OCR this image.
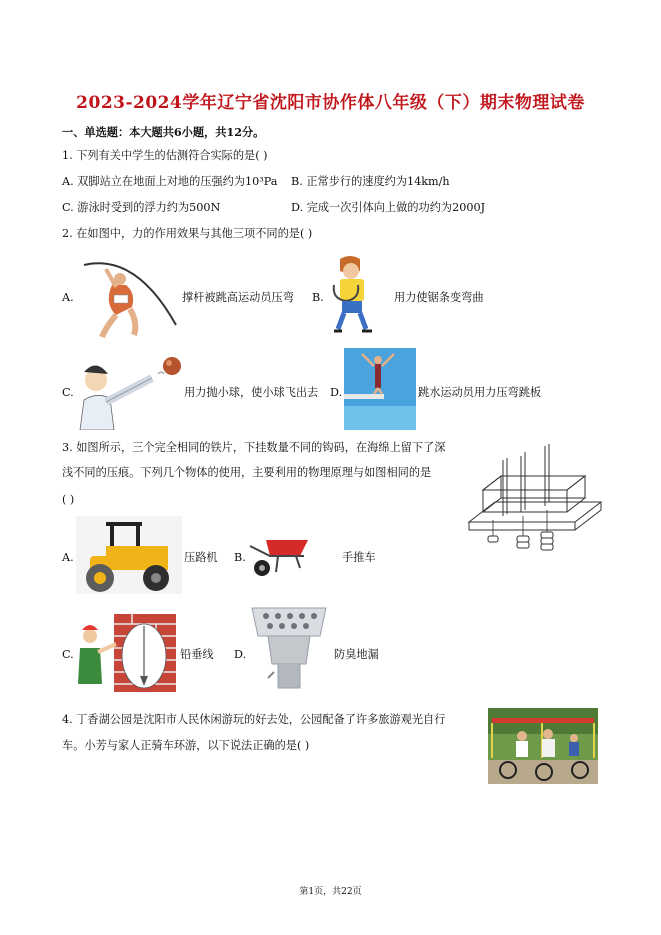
2023-2024学年辽宁省沈阳市协作体八年级（下）期末物理试卷
一、单选题：本大题共6小题，共12分。
1. 下列有关中学生的估测符合实际的是( )
A. 双脚站立在地面上对地的压强约为10³Pa B. 正常步行的速度约为14km/h
C. 游泳时受到的浮力约为500N	D. 完成一次引体向上做的功约为2000J
2. 在如图中，力的作用效果与其他三项不同的是( )
A.	撑杆被跳高运动员压弯 B.	用力使锯条变弯曲
C.	用力抛小球，使小球飞出去 D.	跳水运动员用力压弯跳板
3. 如图所示，三个完全相同的铁片，下挂数量不同的钩码，在海绵上留下了深
浅不同的压痕。下列几个物体的使用，主要利用的物理原理与如图相同的是
( )
A.	压路机 B.	手推车
C.	铅垂线 D.	防臭地漏
4. 丁香湖公园是沈阳市人民休闲游玩的好去处，公园配备了许多旅游观光自行
车。小芳与家人正骑车环游，以下说法正确的是( )
第1页，共22页
